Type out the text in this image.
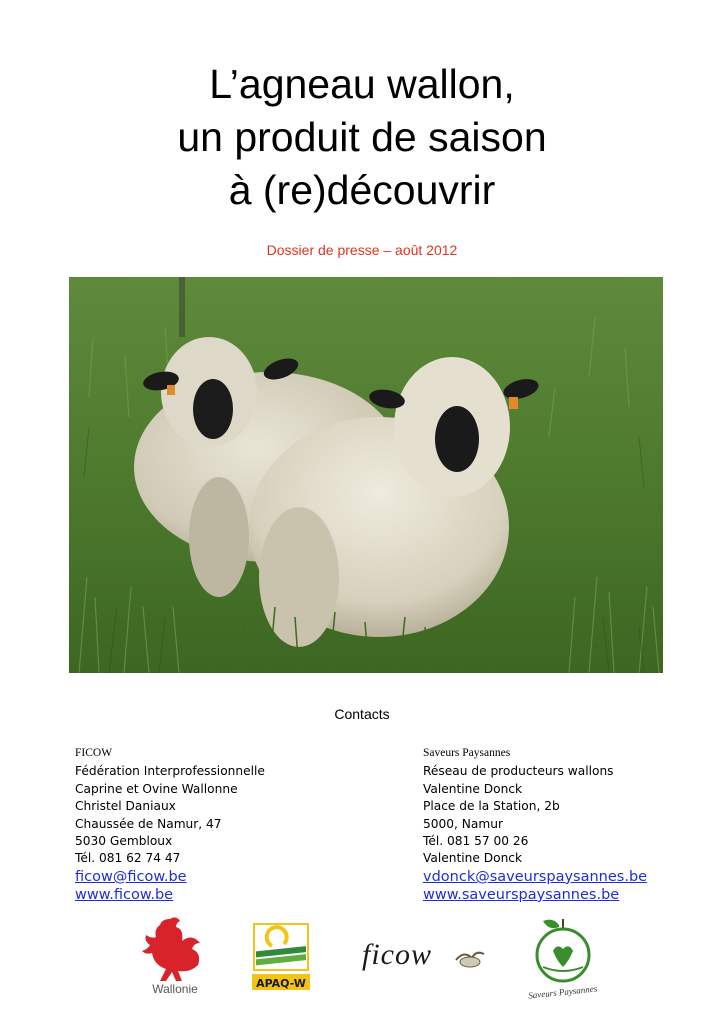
L’agneau wallon,
un produit de saison
à (re)découvrir
Dossier de presse – août 2012
Contacts
FICOW
Fédération Interprofessionnelle
Caprine et Ovine Wallonne
Christel Daniaux
Chaussée de Namur, 47
5030 Gembloux
Tél. 081 62 74 47
ficow@ficow.be
www.ficow.be
Saveurs Paysannes
Réseau de producteurs wallons
Valentine Donck
Place de la Station, 2b
5000, Namur
Tél. 081 57 00 26
Valentine Donck
vdonck@saveurspaysannes.be
www.saveurspaysannes.be
Wallonie	APAQ-W
ficow
Saveurs Paysannes
